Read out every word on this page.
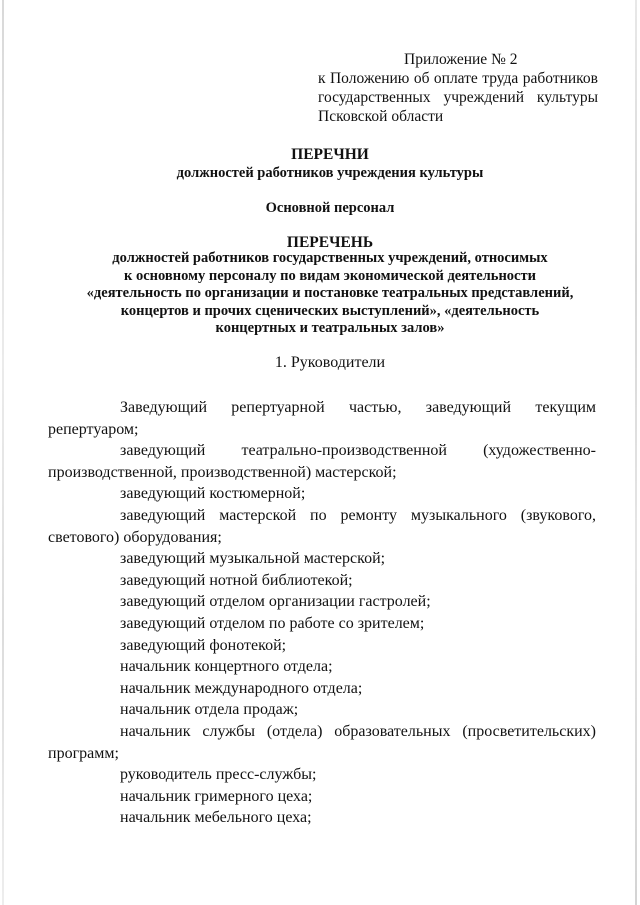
Приложение № 2
к Положению об оплате труда работников
государственных учреждений культуры
Псковской области
ПЕРЕЧНИ
должностей работников учреждения культуры
Основной персонал
ПЕРЕЧЕНЬ
должностей работников государственных учреждений, относимых
к основному персоналу по видам экономической деятельности
«деятельность по организации и постановке театральных представлений,
концертов и прочих сценических выступлений», «деятельность
концертных и театральных залов»
1. Руководители

Заведующий репертуарной частью, заведующий текущим
репертуаром;

заведующий театрально-производственной (художественно-
производственной, производственной) мастерской;

заведующий костюмерной;

заведующий мастерской по ремонту музыкального (звукового,
светового) оборудования;

заведующий музыкальной мастерской;

заведующий нотной библиотекой;

заведующий отделом организации гастролей;

заведующий отделом по работе со зрителем;

заведующий фонотекой;

начальник концертного отдела;

начальник международного отдела;

начальник отдела продаж;

начальник службы (отдела) образовательных (просветительских)
программ;

руководитель пресс-службы;

начальник гримерного цеха;

начальник мебельного цеха;
